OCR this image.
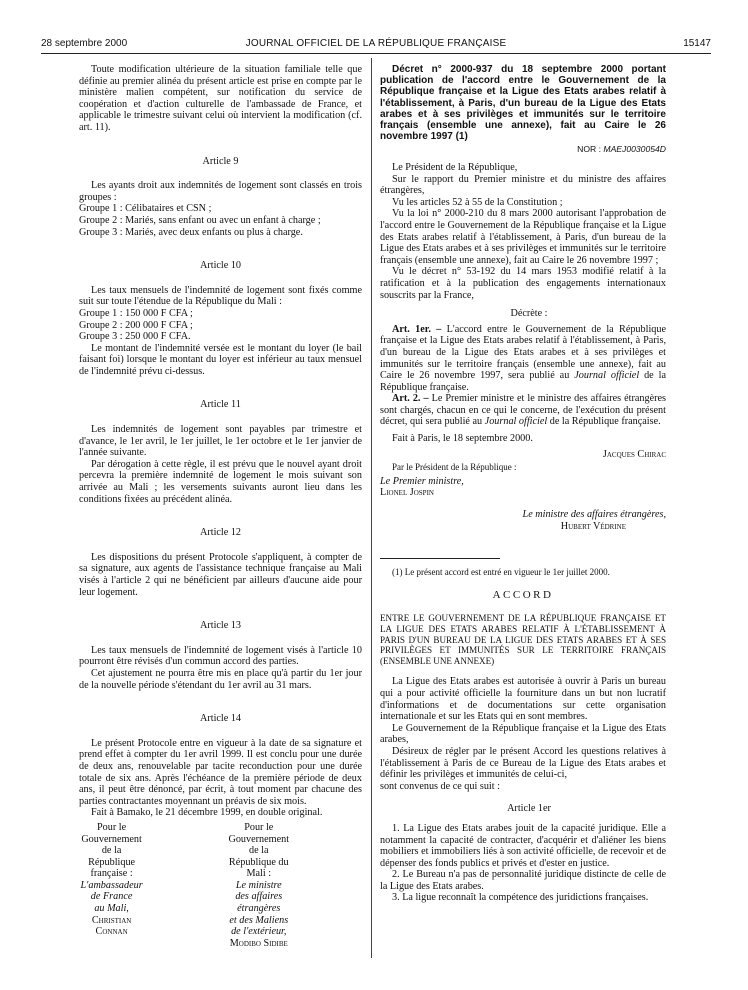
28 septembre 2000	JOURNAL OFFICIEL DE LA RÉPUBLIQUE FRANÇAISE	15147

Toute modification ultérieure de la situation familiale telle que définie au premier alinéa du présent article est prise en compte par le ministère malien compétent, sur notification du service de coopération et d'action culturelle de l'ambassade de France, et applicable le trimestre suivant celui où intervient la modification (cf. art. 11).

Article 9

Les ayants droit aux indemnités de logement sont classés en trois groupes :

Groupe 1 : Célibataires et CSN ;

Groupe 2 : Mariés, sans enfant ou avec un enfant à charge ;

Groupe 3 : Mariés, avec deux enfants ou plus à charge.

Article 10

Les taux mensuels de l'indemnité de logement sont fixés comme suit sur toute l'étendue de la République du Mali :

Groupe 1 : 150 000 F CFA ;

Groupe 2 : 200 000 F CFA ;

Groupe 3 : 250 000 F CFA.

Le montant de l'indemnité versée est le montant du loyer (le bail faisant foi) lorsque le montant du loyer est inférieur au taux mensuel de l'indemnité prévu ci-dessus.

Article 11

Les indemnités de logement sont payables par trimestre et d'avance, le 1er avril, le 1er juillet, le 1er octobre et le 1er janvier de l'année suivante.

Par dérogation à cette règle, il est prévu que le nouvel ayant droit percevra la première indemnité de logement le mois suivant son arrivée au Mali ; les versements suivants auront lieu dans les conditions fixées au précédent alinéa.

Article 12

Les dispositions du présent Protocole s'appliquent, à compter de sa signature, aux agents de l'assistance technique française au Mali visés à l'article 2 qui ne bénéficient par ailleurs d'aucune aide pour leur logement.

Article 13

Les taux mensuels de l'indemnité de logement visés à l'article 10 pourront être révisés d'un commun accord des parties.

Cet ajustement ne pourra être mis en place qu'à partir du 1er jour de la nouvelle période s'étendant du 1er avril au 31 mars.

Article 14

Le présent Protocole entre en vigueur à la date de sa signature et prend effet à compter du 1er avril 1999. Il est conclu pour une durée de deux ans, renouvelable par tacite reconduction pour une durée totale de six ans. Après l'échéance de la première période de deux ans, il peut être dénoncé, par écrit, à tout moment par chacune des parties contractantes moyennant un préavis de six mois.

Fait à Bamako, le 21 décembre 1999, en double original.

Pour le Gouvernement
de la République française :
L'ambassadeur de France
au Mali,
Christian Connan
Pour le Gouvernement
de la République du Mali :
Le ministre
des affaires étrangères
et des Maliens de l'extérieur,
Modibo Sidibe

Décret n° 2000-937 du 18 septembre 2000 portant publication de l'accord entre le Gouvernement de la République française et la Ligue des Etats arabes relatif à l'établissement, à Paris, d'un bureau de la Ligue des Etats arabes et à ses privilèges et immunités sur le territoire français (ensemble une annexe), fait au Caire le 26 novembre 1997 (1)

NOR : MAEJ0030054D

Le Président de la République,

Sur le rapport du Premier ministre et du ministre des affaires étrangères,

Vu les articles 52 à 55 de la Constitution ;

Vu la loi n° 2000-210 du 8 mars 2000 autorisant l'approbation de l'accord entre le Gouvernement de la République française et la Ligue des Etats arabes relatif à l'établissement, à Paris, d'un bureau de la Ligue des Etats arabes et à ses privilèges et immunités sur le territoire français (ensemble une annexe), fait au Caire le 26 novembre 1997 ;

Vu le décret n° 53-192 du 14 mars 1953 modifié relatif à la ratification et à la publication des engagements internationaux souscrits par la France,

Décrète :

Art. 1er. – L'accord entre le Gouvernement de la République française et la Ligue des Etats arabes relatif à l'établissement, à Paris, d'un bureau de la Ligue des Etats arabes et à ses privilèges et immunités sur le territoire français (ensemble une annexe), fait au Caire le 26 novembre 1997, sera publié au Journal officiel de la République française.

Art. 2. – Le Premier ministre et le ministre des affaires étrangères sont chargés, chacun en ce qui le concerne, de l'exécution du présent décret, qui sera publié au Journal officiel de la République française.

Fait à Paris, le 18 septembre 2000.

Jacques Chirac
Par le Président de la République :
Le Premier ministre,
Lionel Jospin
Le ministre des affaires étrangères,
Hubert Védrine

(1) Le présent accord est entré en vigueur le 1er juillet 2000.

ACCORD

ENTRE LE GOUVERNEMENT DE LA RÉPUBLIQUE FRANÇAISE ET LA LIGUE DES ETATS ARABES RELATIF À L'ÉTABLISSEMENT À PARIS D'UN BUREAU DE LA LIGUE DES ETATS ARABES ET À SES PRIVILÈGES ET IMMUNITÉS SUR LE TERRITOIRE FRANÇAIS (ENSEMBLE UNE ANNEXE)

La Ligue des Etats arabes est autorisée à ouvrir à Paris un bureau qui a pour activité officielle la fourniture dans un but non lucratif d'informations et de documentations sur cette organisation internationale et sur les Etats qui en sont membres.

Le Gouvernement de la République française et la Ligue des Etats arabes,

Désireux de régler par le présent Accord les questions relatives à l'établissement à Paris de ce Bureau de la Ligue des Etats arabes et définir les privilèges et immunités de celui-ci,

sont convenus de ce qui suit :

Article 1er

1. La Ligue des Etats arabes jouit de la capacité juridique. Elle a notamment la capacité de contracter, d'acquérir et d'aliéner les biens mobiliers et immobiliers liés à son activité officielle, de recevoir et de dépenser des fonds publics et privés et d'ester en justice.

2. Le Bureau n'a pas de personnalité juridique distincte de celle de la Ligue des Etats arabes.

3. La ligue reconnaît la compétence des juridictions françaises.
